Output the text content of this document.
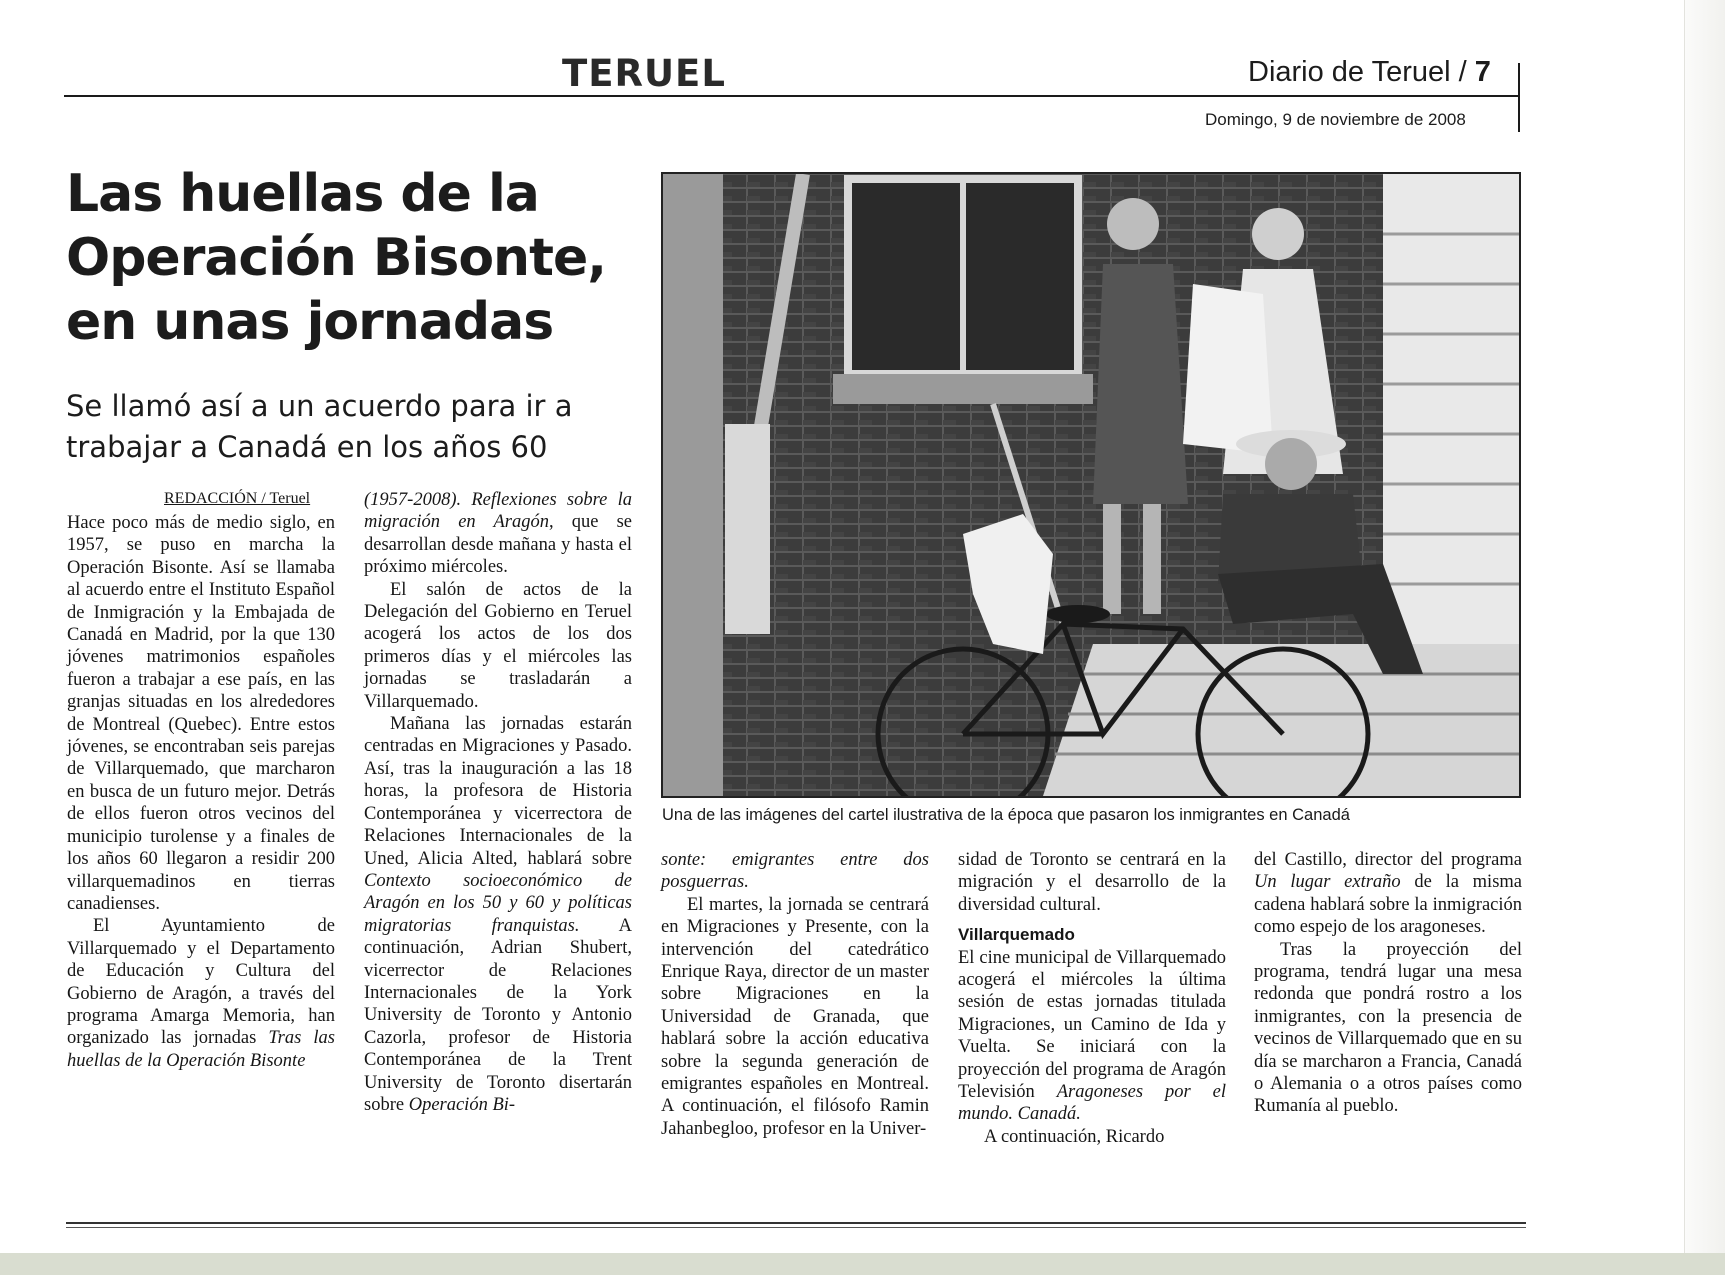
TERUEL	Diario de Teruel / 7
Domingo, 9 de noviembre de 2008
Las huellas de la
Operación Bisonte,
en unas jornadas
Se llamó así a un acuerdo para ir a trabajar a Canadá en los años 60
REDACCIÓN / Teruel

Hace poco más de medio siglo, en 1957, se puso en marcha la Operación Bisonte. Así se llamaba al acuerdo entre el Instituto Español de Inmigración y la Embajada de Canadá en Madrid, por la que 130 jóvenes matrimonios españoles fueron a trabajar a ese país, en las granjas situadas en los alrededores de Montreal (Quebec). Entre estos jóvenes, se encontraban seis parejas de Villarquemado, que marcharon en busca de un futuro mejor. Detrás de ellos fueron otros vecinos del municipio turolense y a finales de los años 60 llegaron a residir 200 villarquemadinos en tierras canadienses.

El Ayuntamiento de Villarquemado y el Departamento de Educación y Cultura del Gobierno de Aragón, a través del programa Amarga Memoria, han organizado las jornadas Tras las huellas de la Operación Bisonte

(1957-2008). Reflexiones sobre la migración en Aragón, que se desarrollan desde mañana y hasta el próximo miércoles.

El salón de actos de la Delegación del Gobierno en Teruel acogerá los actos de los dos primeros días y el miércoles las jornadas se trasladarán a Villarquemado.

Mañana las jornadas estarán centradas en Migraciones y Pasado. Así, tras la inauguración a las 18 horas, la profesora de Historia Contemporánea y vicerrectora de Relaciones Internacionales de la Uned, Alicia Alted, hablará sobre Contexto socioeconómico de Aragón en los 50 y 60 y políticas migratorias franquistas. A continuación, Adrian Shubert, vicerrector de Relaciones Internacionales de la York University de Toronto y Antonio Cazorla, profesor de Historia Contemporánea de la Trent University de Toronto disertarán sobre Operación Bi-

Una de las imágenes del cartel ilustrativa de la época que pasaron los inmigrantes en Canadá

sonte: emigrantes entre dos posguerras.

El martes, la jornada se centrará en Migraciones y Presente, con la intervención del catedrático Enrique Raya, director de un master sobre Migraciones en la Universidad de Granada, que hablará sobre la acción educativa sobre la segunda generación de emigrantes españoles en Montreal. A continuación, el filósofo Ramin Jahanbegloo, profesor en la Univer-

sidad de Toronto se centrará en la migración y el desarrollo de la diversidad cultural.

Villarquemado

El cine municipal de Villarquemado acogerá el miércoles la última sesión de estas jornadas titulada Migraciones, un Camino de Ida y Vuelta. Se iniciará con la proyección del programa de Aragón Televisión Aragoneses por el mundo. Canadá.

A continuación, Ricardo

del Castillo, director del programa Un lugar extraño de la misma cadena hablará sobre la inmigración como espejo de los aragoneses.

Tras la proyección del programa, tendrá lugar una mesa redonda que pondrá rostro a los inmigrantes, con la presencia de vecinos de Villarquemado que en su día se marcharon a Francia, Canadá o Alemania o a otros países como Rumanía al pueblo.
